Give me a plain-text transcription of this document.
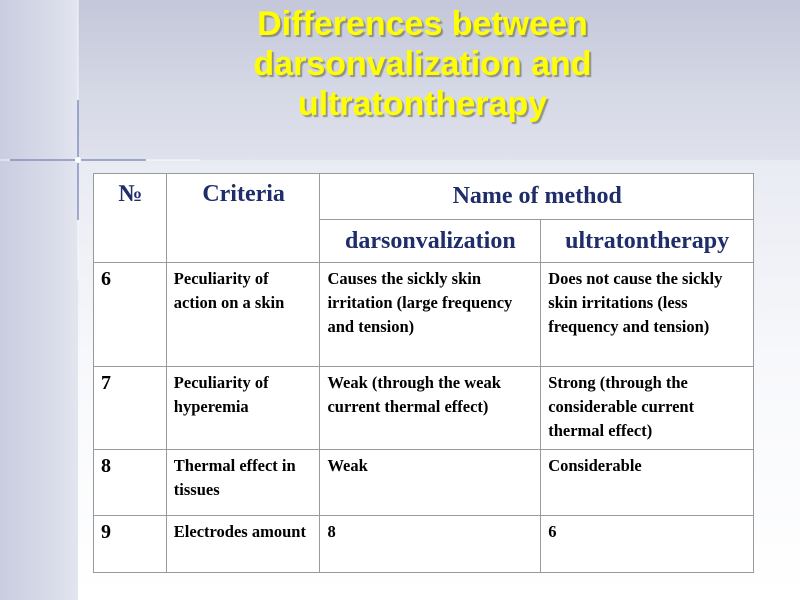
Differences between darsonvalization and ultratontherapy
№	Criteria	Name of method	
		darsonvalization	ultratontherapy
6	Peculiarity of action on a skin	Causes the sickly skin irritation (large frequency and tension)	Does not cause the sickly skin irritations (less frequency and tension)
7	Peculiarity of hyperemia	Weak (through the weak current thermal effect)	Strong (through the considerable current thermal effect)
8	Thermal effect in tissues	Weak	Considerable
9	Electrodes amount	8	6
